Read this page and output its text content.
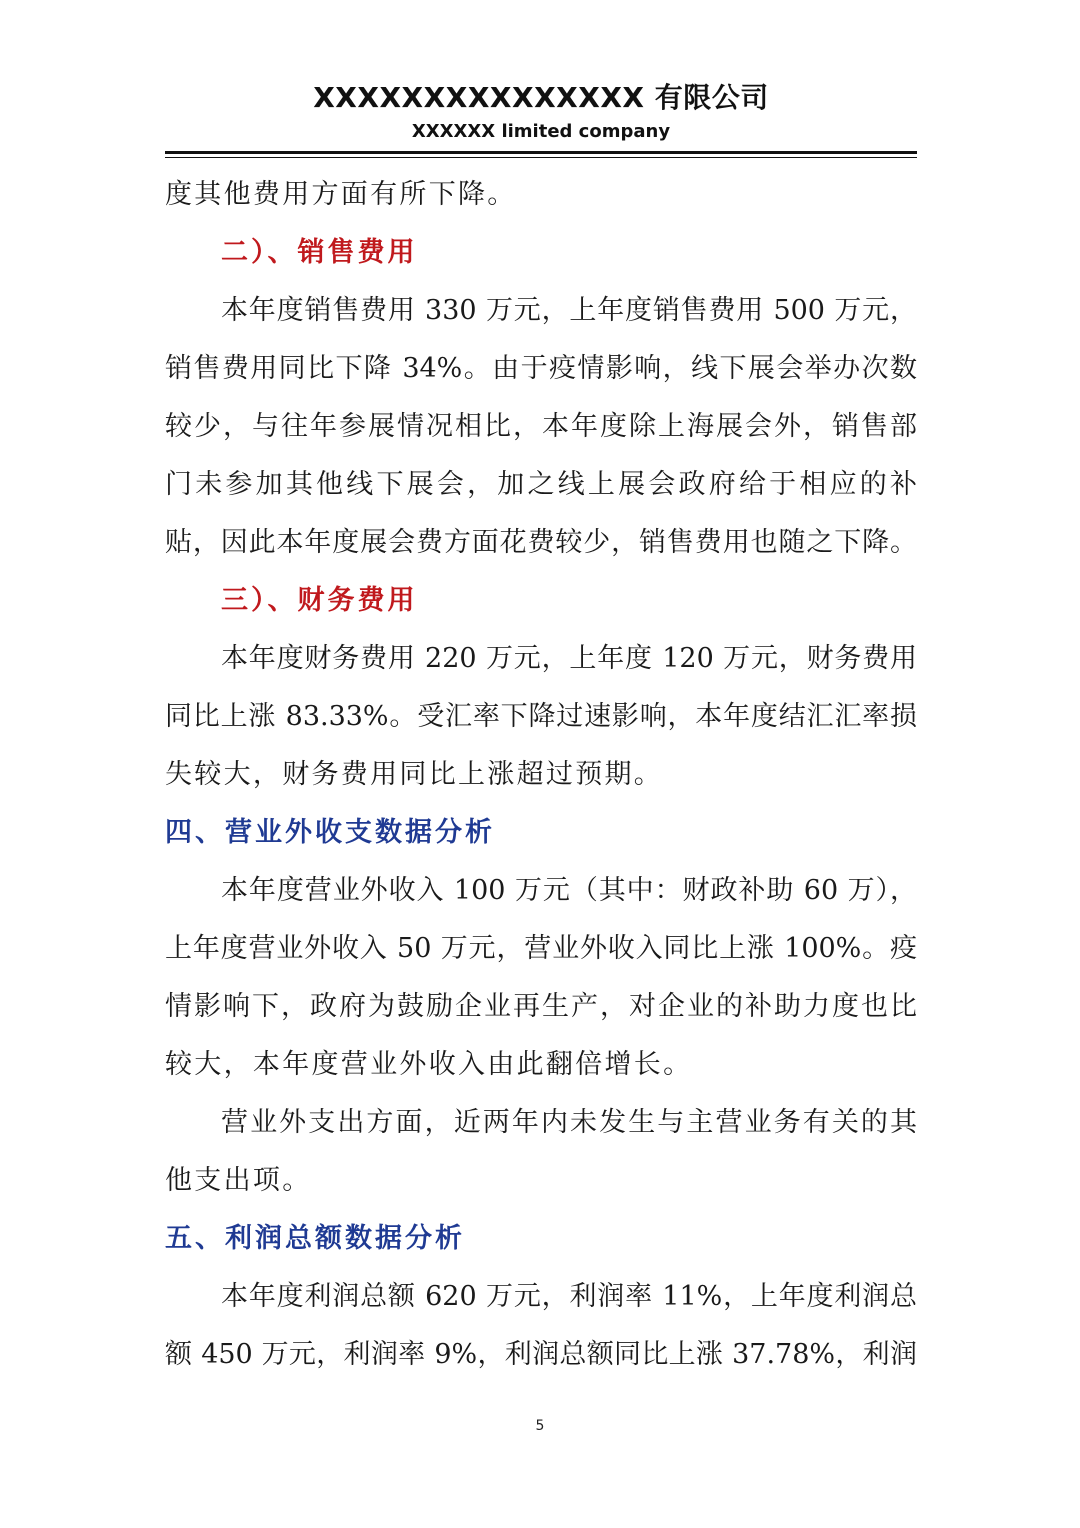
XXXXXXXXXXXXXXX 有限公司
XXXXXX limited company
度其他费用方面有所下降。
二）、销售费用
本年度销售费用 330 万元，上年度销售费用 500 万元，
销售费用同比下降 34%。由于疫情影响，线下展会举办次数
较少，与往年参展情况相比，本年度除上海展会外，销售部
门未参加其他线下展会，加之线上展会政府给于相应的补
贴，因此本年度展会费方面花费较少，销售费用也随之下降。
三）、财务费用
本年度财务费用 220 万元，上年度 120 万元，财务费用
同比上涨 83.33%。受汇率下降过速影响，本年度结汇汇率损
失较大，财务费用同比上涨超过预期。
四、营业外收支数据分析
本年度营业外收入 100 万元（其中：财政补助 60 万），
上年度营业外收入 50 万元，营业外收入同比上涨 100%。疫
情影响下，政府为鼓励企业再生产，对企业的补助力度也比
较大，本年度营业外收入由此翻倍增长。
营业外支出方面，近两年内未发生与主营业务有关的其
他支出项。
五、利润总额数据分析
本年度利润总额 620 万元，利润率 11%，上年度利润总
额 450 万元，利润率 9%，利润总额同比上涨 37.78%，利润
5
